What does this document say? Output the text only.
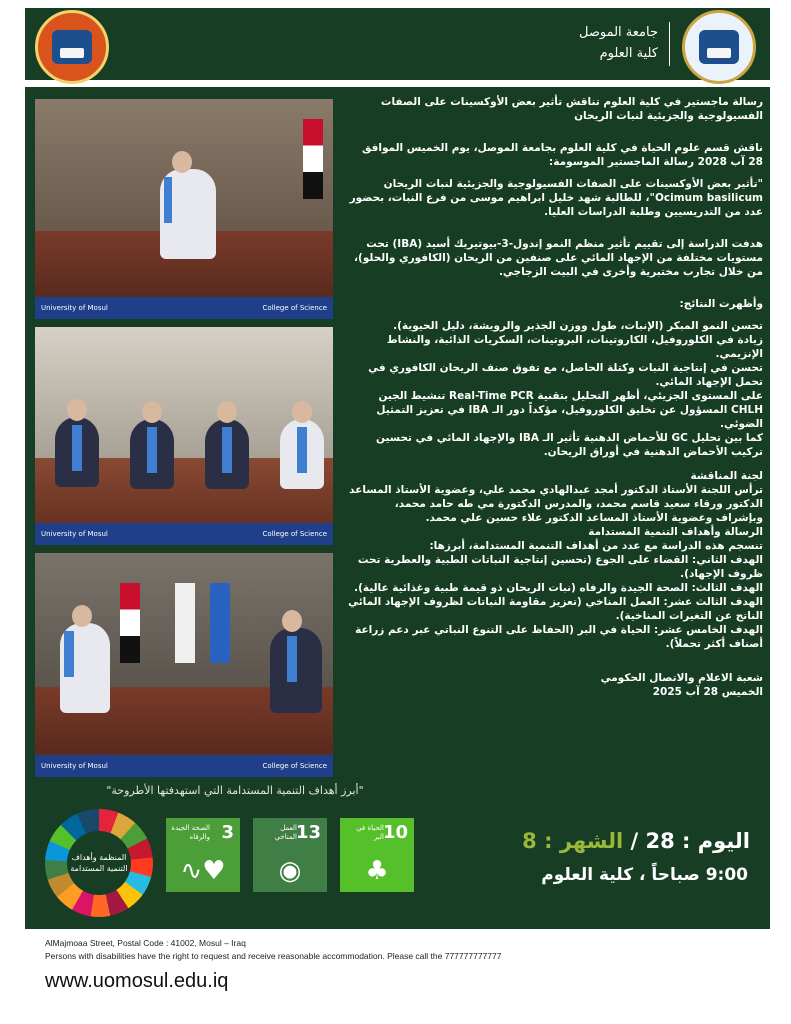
جامعة الموصل
كلية العلوم
University of Mosul	College of Science
University of Mosul	College of Science
University of Mosul	College of Science

رسالة ماجستير في كلية العلوم تناقش تأثير بعض الأوكسينات على الصفات الفسيولوجية والجزيئية لنبات الريحان

ناقش قسم علوم الحياة في كلية العلوم بجامعة الموصل، يوم الخميس الموافق 28 آب 2028 رسالة الماجستير الموسومة:

"تأثير بعض الأوكسينات على الصفات الفسيولوجية والجزيئية لنبات الريحان Ocimum basilicum"، للطالبة شهد خليل ابراهيم موسى من فرع النبات، بحضور عدد من التدريسيين وطلبة الدراسات العليا.

هدفت الدراسة إلى تقييم تأثير منظم النمو إندول-3-بيوتيريك أسيد (IBA) تحت مستويات مختلفة من الإجهاد المائي على صنفين من الريحان (الكافوري والحلو)، من خلال تجارب مختبرية وأخرى في البيت الزجاجي.

وأظهرت النتائج:

تحسن النمو المبكر (الإنبات، طول ووزن الجذير والرويشة، دليل الحيوية).
زيادة في الكلوروفيل، الكاروتينات، البروتينات، السكريات الذائبة، والنشاط الإنزيمي.
تحسن في إنتاجية النبات وكتلة الحاصل، مع تفوق صنف الريحان الكافوري في تحمل الإجهاد المائي.
على المستوى الجزيئي، أظهر التحليل بتقنية Real-Time PCR تنشيط الجين CHLH المسؤول عن تخليق الكلوروفيل، مؤكداً دور الـ IBA في تعزيز التمثيل الضوئي.
كما بين تحليل GC للأحماض الدهنية تأثير الـ IBA والإجهاد المائي في تحسين تركيب الأحماض الدهنية في أوراق الريحان.

لجنة المناقشة

ترأس اللجنة الأستاذ الدكتور أمجد عبدالهادي محمد علي، وعضوية الأستاذ المساعد الدكتور ورقاء سعيد قاسم محمد، والمدرس الدكتورة مي طه حامد محمد، وبإشراف وعضوية الأستاذ المساعد الدكتور علاء حسين علي محمد.

الرسالة وأهداف التنمية المستدامة
تنسجم هذه الدراسة مع عدد من أهداف التنمية المستدامة، أبرزها:
الهدف الثاني: القضاء على الجوع (تحسين إنتاجية النباتات الطبية والعطرية تحت ظروف الإجهاد).
الهدف الثالث: الصحة الجيدة والرفاه (نبات الريحان ذو قيمة طبية وغذائية عالية).
الهدف الثالث عشر: العمل المناخي (تعزيز مقاومة النباتات لظروف الإجهاد المائي الناتج عن التغيرات المناخية).
الهدف الخامس عشر: الحياة في البر (الحفاظ على التنوع النباتي عبر دعم زراعة أصناف أكثر تحملاً).
شعبة الاعلام والاتصال الحكومي
الخميس 28 آب 2025
"أبرز أهداف التنمية المستدامة التي استهدفتها الأطروحة"
المنظمة وأهداف التنمية المستدامة
3
الصحة الجيدة والرفاه
∿♥
13
العمل المناخي
◉
10
الحياة في البر
♣
اليوم : 28 / الشهر : 8
9:00 صباحاً ، كلية العلوم
AlMajmoaa Street, Postal Code : 41002, Mosul – Iraq
Persons with disabilities have the right to request and receive reasonable accommodation. Please call the 777777777777
www.uomosul.edu.iq
